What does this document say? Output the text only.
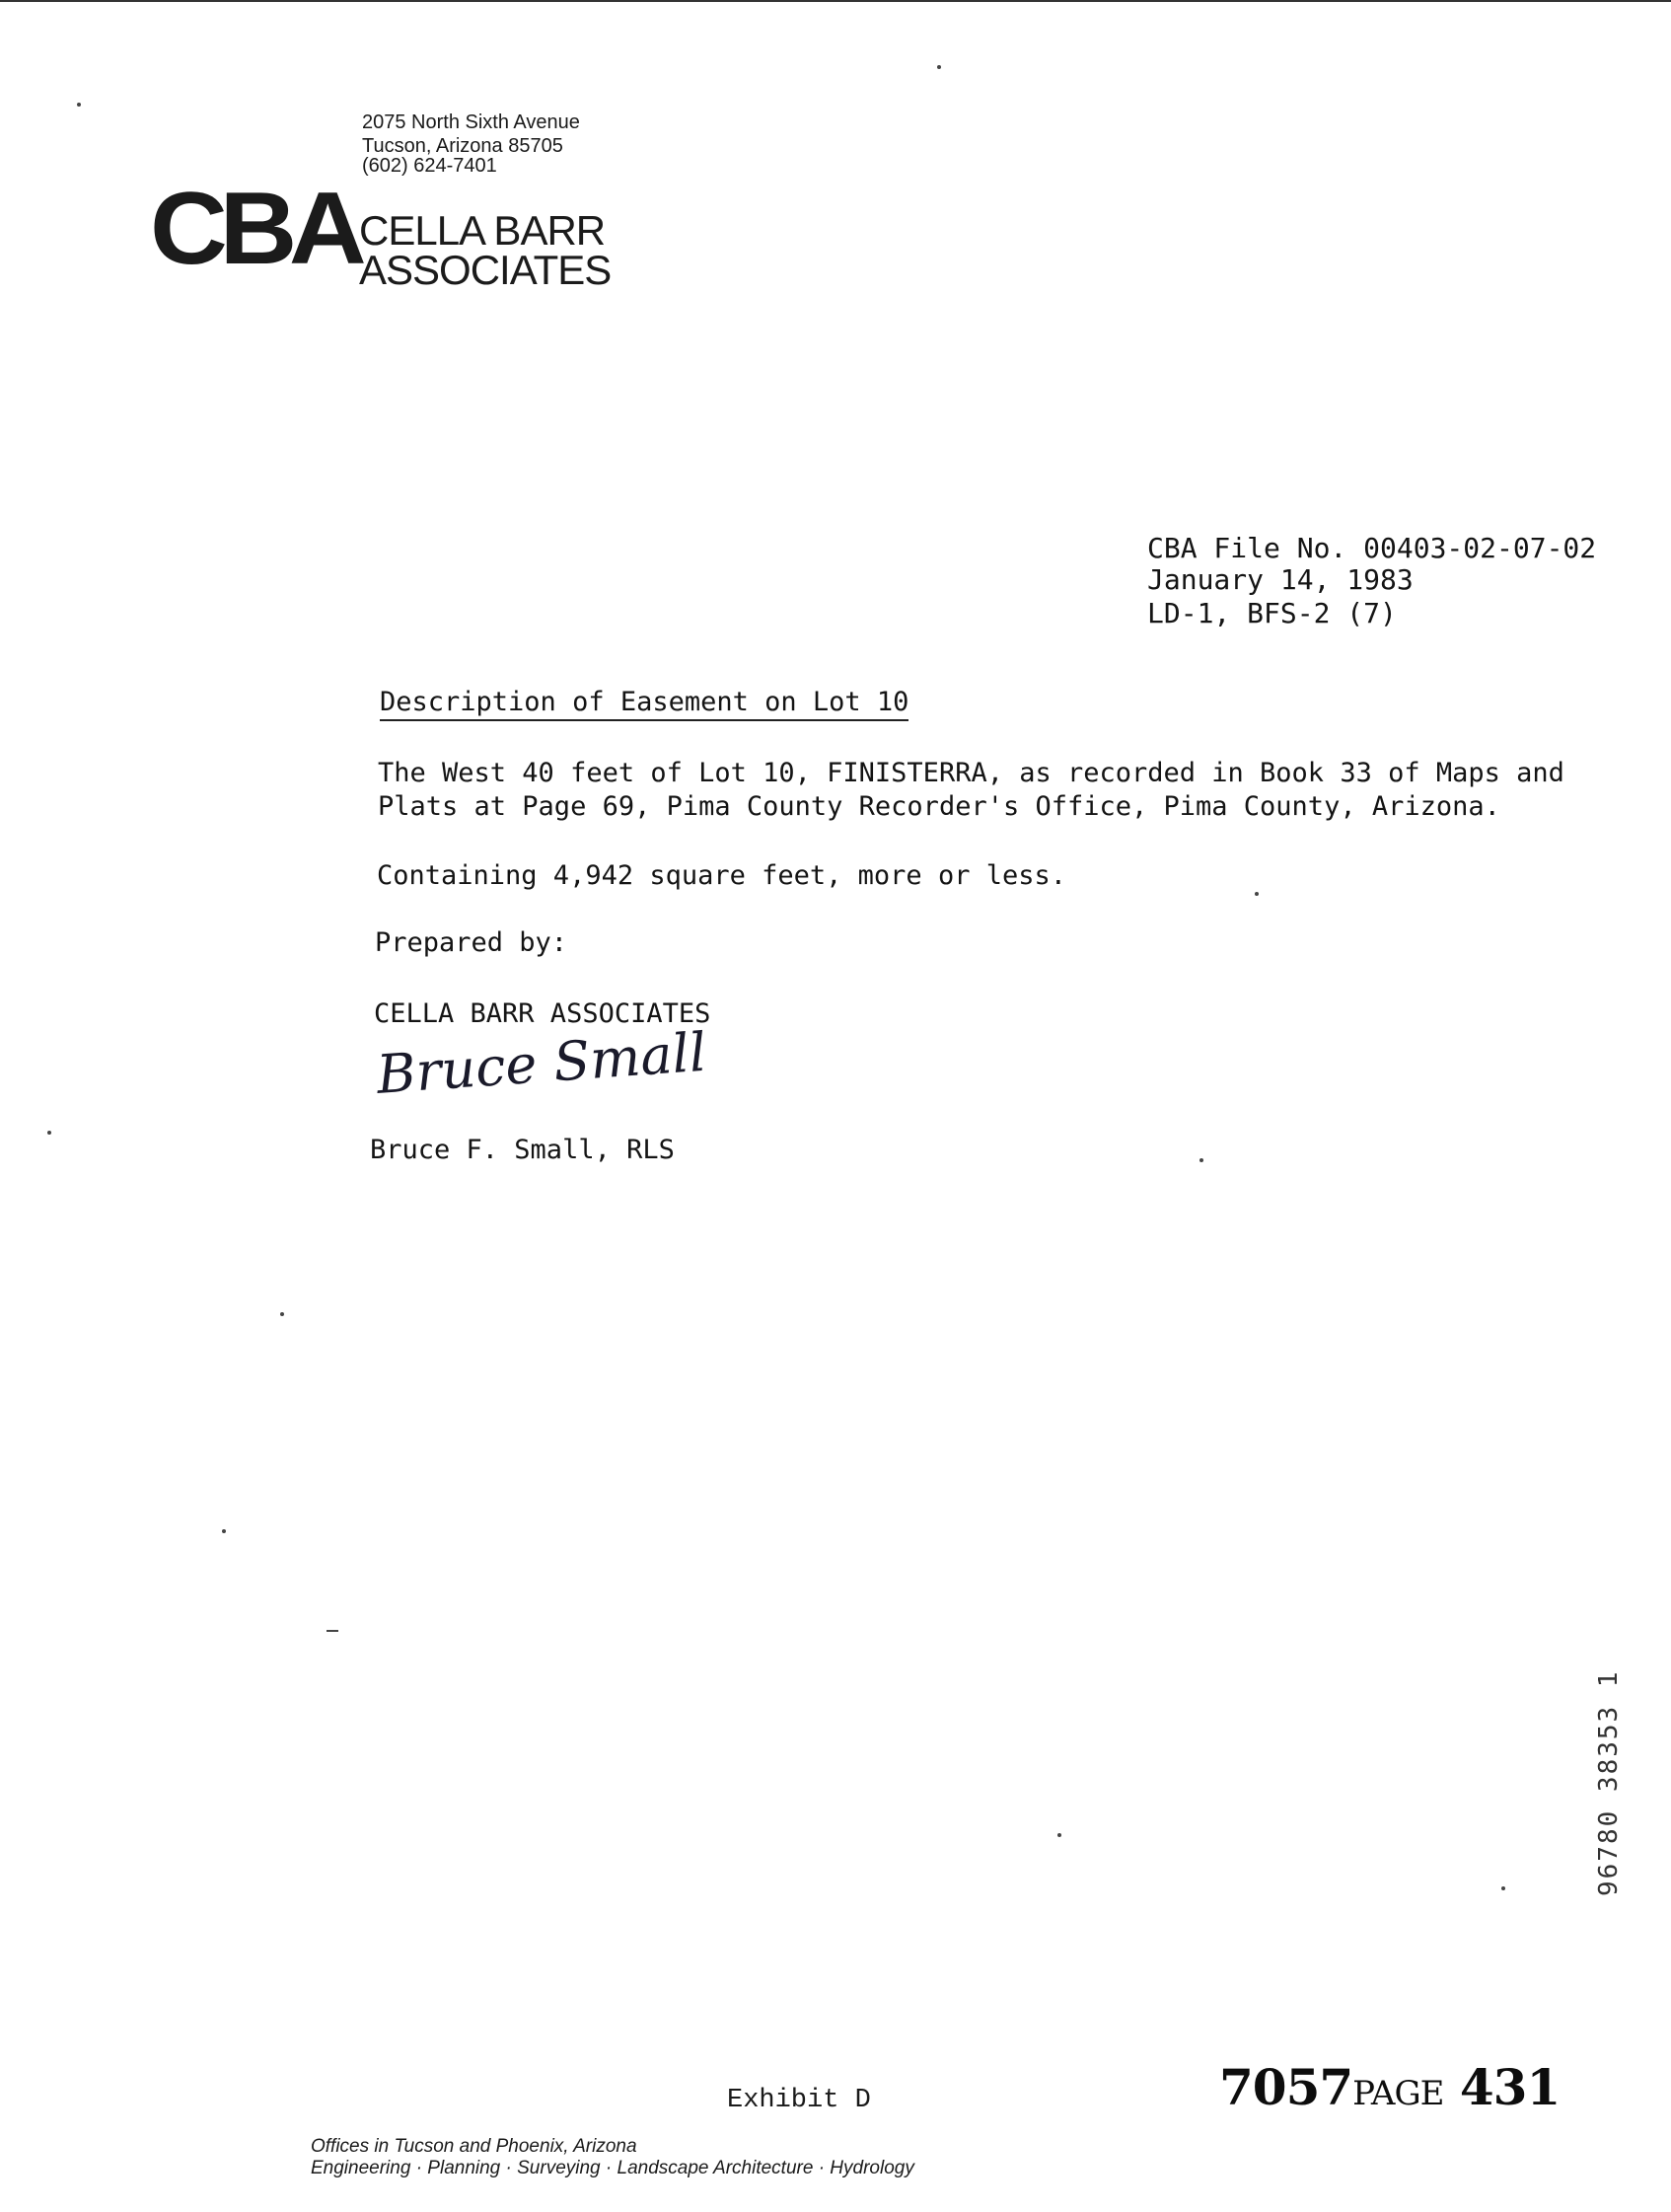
2075 North Sixth Avenue
Tucson, Arizona 85705
(602) 624-7401
CBA CELLA BARR
ASSOCIATES
CBA File No. 00403-02-07-02
January 14, 1983
LD-1, BFS-2 (7)
Description of Easement on Lot 10
The West 40 feet of Lot 10, FINISTERRA, as recorded in Book 33 of Maps and
Plats at Page 69, Pima County Recorder's Office, Pima County, Arizona.
Containing 4,942 square feet, more or less.
Prepared by:
CELLA BARR ASSOCIATES
Bruce Small
Bruce F. Small, RLS
96780 38353 1
Exhibit D	7057PAGE 431
Offices in Tucson and Phoenix, Arizona
Engineering · Planning · Surveying · Landscape Architecture · Hydrology
